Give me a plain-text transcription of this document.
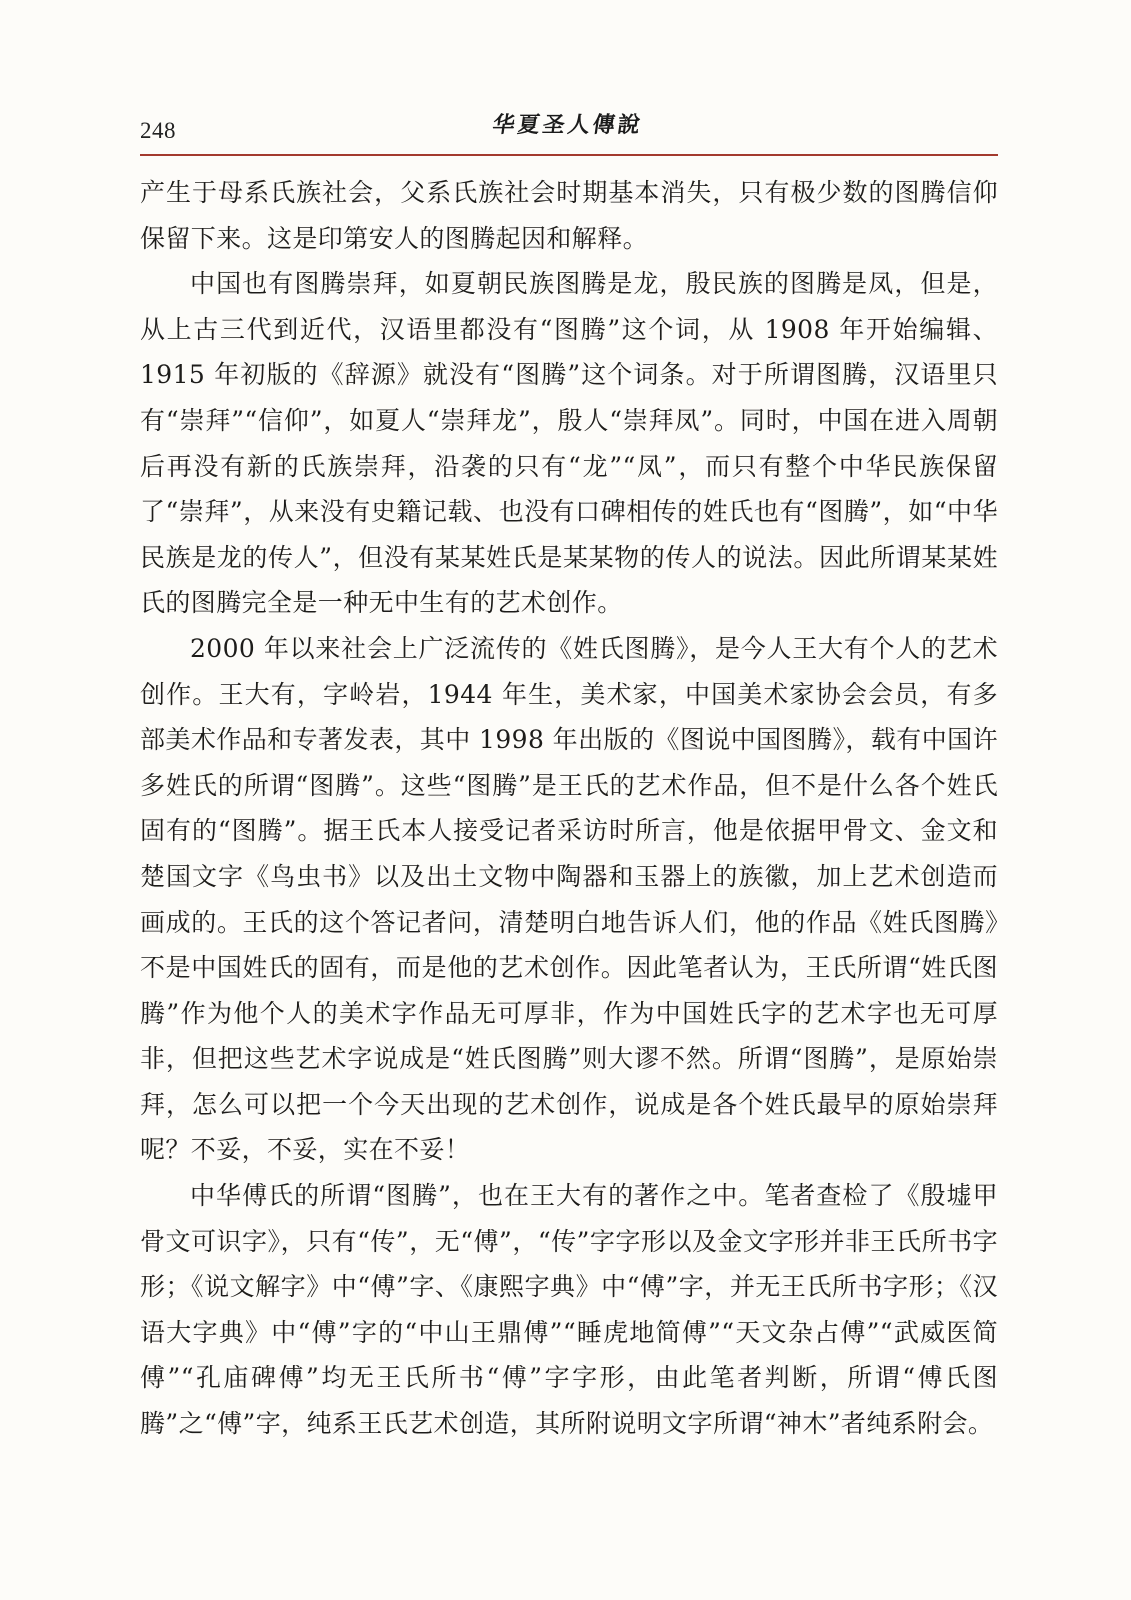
248	华夏圣人傳說

产生于母系氏族社会，父系氏族社会时期基本消失，只有极少数的图腾信仰保留下来。这是印第安人的图腾起因和解释。

中国也有图腾崇拜，如夏朝民族图腾是龙，殷民族的图腾是凤，但是，从上古三代到近代，汉语里都没有“图腾”这个词，从 1908 年开始编辑、1915 年初版的《辞源》就没有“图腾”这个词条。对于所谓图腾，汉语里只有“崇拜”“信仰”，如夏人“崇拜龙”，殷人“崇拜凤”。同时，中国在进入周朝后再没有新的氏族崇拜，沿袭的只有“龙”“凤”，而只有整个中华民族保留了“崇拜”，从来没有史籍记载、也没有口碑相传的姓氏也有“图腾”，如“中华民族是龙的传人”，但没有某某姓氏是某某物的传人的说法。因此所谓某某姓氏的图腾完全是一种无中生有的艺术创作。

2000 年以来社会上广泛流传的《姓氏图腾》，是今人王大有个人的艺术创作。王大有，字岭岩，1944 年生，美术家，中国美术家协会会员，有多部美术作品和专著发表，其中 1998 年出版的《图说中国图腾》，载有中国许多姓氏的所谓“图腾”。这些“图腾”是王氏的艺术作品，但不是什么各个姓氏固有的“图腾”。据王氏本人接受记者采访时所言，他是依据甲骨文、金文和楚国文字《鸟虫书》以及出土文物中陶器和玉器上的族徽，加上艺术创造而画成的。王氏的这个答记者问，清楚明白地告诉人们，他的作品《姓氏图腾》不是中国姓氏的固有，而是他的艺术创作。因此笔者认为，王氏所谓“姓氏图腾”作为他个人的美术字作品无可厚非，作为中国姓氏字的艺术字也无可厚非，但把这些艺术字说成是“姓氏图腾”则大谬不然。所谓“图腾”，是原始崇拜，怎么可以把一个今天出现的艺术创作，说成是各个姓氏最早的原始崇拜呢？不妥，不妥，实在不妥！

中华傅氏的所谓“图腾”，也在王大有的著作之中。笔者查检了《殷墟甲骨文可识字》，只有“传”，无“傅”，“传”字字形以及金文字形并非王氏所书字形；《说文解字》中“傅”字、《康熙字典》中“傅”字，并无王氏所书字形；《汉语大字典》中“傅”字的“中山王鼎傅”“睡虎地简傅”“天文杂占傅”“武威医简傅”“孔庙碑傅”均无王氏所书“傅”字字形，由此笔者判断，所谓“傅氏图腾”之“傅”字，纯系王氏艺术创造，其所附说明文字所谓“神木”者纯系附会。
